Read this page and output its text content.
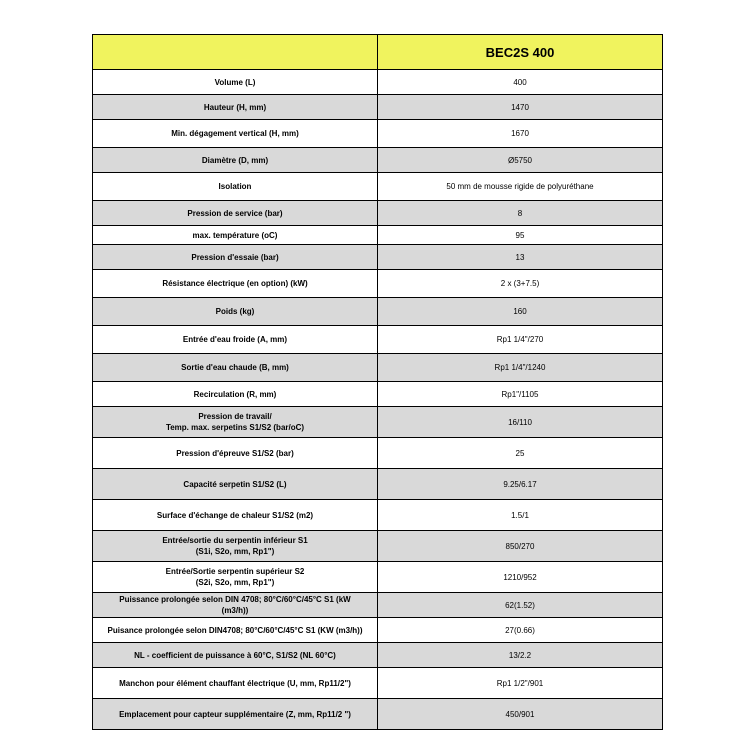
	BEC2S 400
Volume (L)	400
Hauteur (H, mm)	1470
Min. dégagement vertical (H, mm)	1670
Diamètre (D, mm)	Ø5750
Isolation	50 mm de mousse rigide de polyuréthane
Pression de service (bar)	8
max. température (oC)	95
Pression d'essaie (bar)	13
Résistance électrique (en option) (kW)	2 x (3+7.5)
Poids (kg)	160
Entrée d'eau froide (A, mm)	Rp1 1/4"/270
Sortie d'eau chaude (B, mm)	Rp1 1/4"/1240
Recirculation (R, mm)	Rp1"/1105
Pression de travail/
Temp. max. serpetins S1/S2 (bar/oC)	16/110
Pression d'épreuve S1/S2 (bar)	25
Capacité serpetin S1/S2 (L)	9.25/6.17
Surface d'échange de chaleur S1/S2 (m2)	1.5/1
Entrée/sortie du serpentin inférieur S1
(S1i, S2o, mm, Rp1")	850/270
Entrée/Sortie serpentin supérieur S2
(S2i, S2o, mm, Rp1")	1210/952
Puissance prolongée selon DIN 4708; 80°C/60°C/45°C S1 (kW
(m3/h))	62(1.52)
Puisance prolongée selon DIN4708; 80°C/60°C/45°C S1 (KW (m3/h))	27(0.66)
NL - coefficient de puissance à 60°C, S1/S2 (NL 60°C)	13/2.2
Manchon pour élément chauffant électrique (U, mm, Rp11/2")	Rp1 1/2"/901
Emplacement pour capteur supplémentaire (Z, mm, Rp11/2 ")	450/901
